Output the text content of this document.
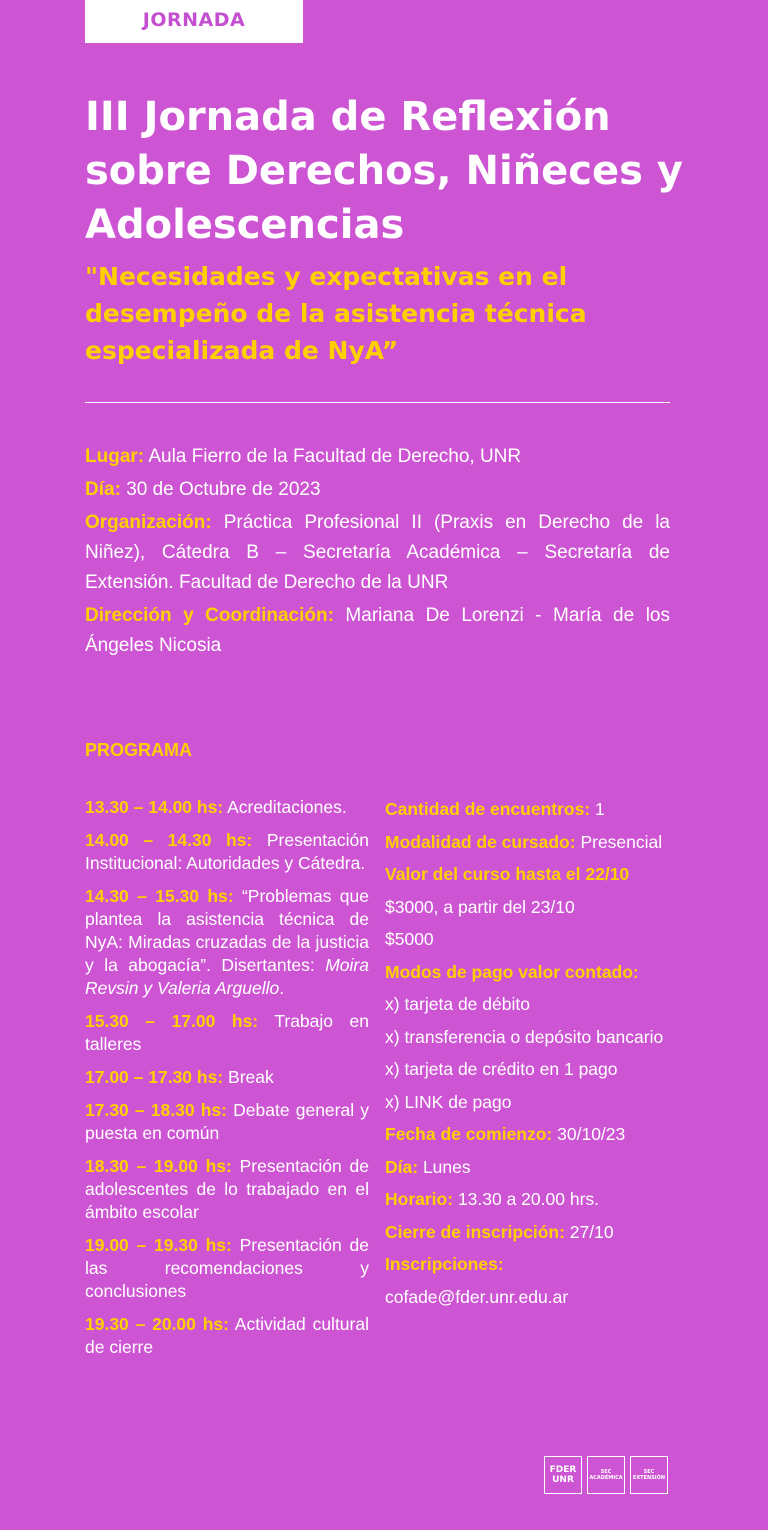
JORNADA
III Jornada de Reflexión sobre Derechos, Niñeces y Adolescencias
"Necesidades y expectativas en el desempeño de la asistencia técnica especializada de NyA”

Lugar: Aula Fierro de la Facultad de Derecho, UNR

Día: 30 de Octubre de 2023

Organización: Práctica Profesional II (Praxis en Derecho de la Niñez), Cátedra B – Secretaría Académica – Secretaría de Extensión. Facultad de Derecho de la UNR

Dirección y Coordinación: Mariana De Lorenzi - María de los Ángeles Nicosia

PROGRAMA

13.30 – 14.00 hs: Acreditaciones.

14.00 – 14.30 hs: Presentación Institucional: Autoridades y Cátedra.

14.30 – 15.30 hs: “Problemas que plantea la asistencia técnica de NyA: Miradas cruzadas de la justicia y la abogacía”. Disertantes: Moira Revsin y Valeria Arguello.

15.30 – 17.00 hs: Trabajo en talleres

17.00 – 17.30 hs: Break

17.30 – 18.30 hs: Debate general y puesta en común

18.30 – 19.00 hs: Presentación de adolescentes de lo trabajado en el ámbito escolar

19.00 – 19.30 hs: Presentación de las recomendaciones y conclusiones

19.30 – 20.00 hs: Actividad cultural de cierre

Cantidad de encuentros: 1

Modalidad de cursado: Presencial

Valor del curso hasta el 22/10

$3000, a partir del 23/10

$5000

Modos de pago valor contado:

x) tarjeta de débito

x) transferencia o depósito bancario

x) tarjeta de crédito en 1 pago

x) LINK de pago

Fecha de comienzo: 30/10/23

Día: Lunes

Horario: 13.30 a 20.00 hrs.

Cierre de inscripción: 27/10

Inscripciones:

cofade@fder.unr.edu.ar

FDER
UNR
SEC
ACADÉMICA
SEC
EXTENSIÓN
